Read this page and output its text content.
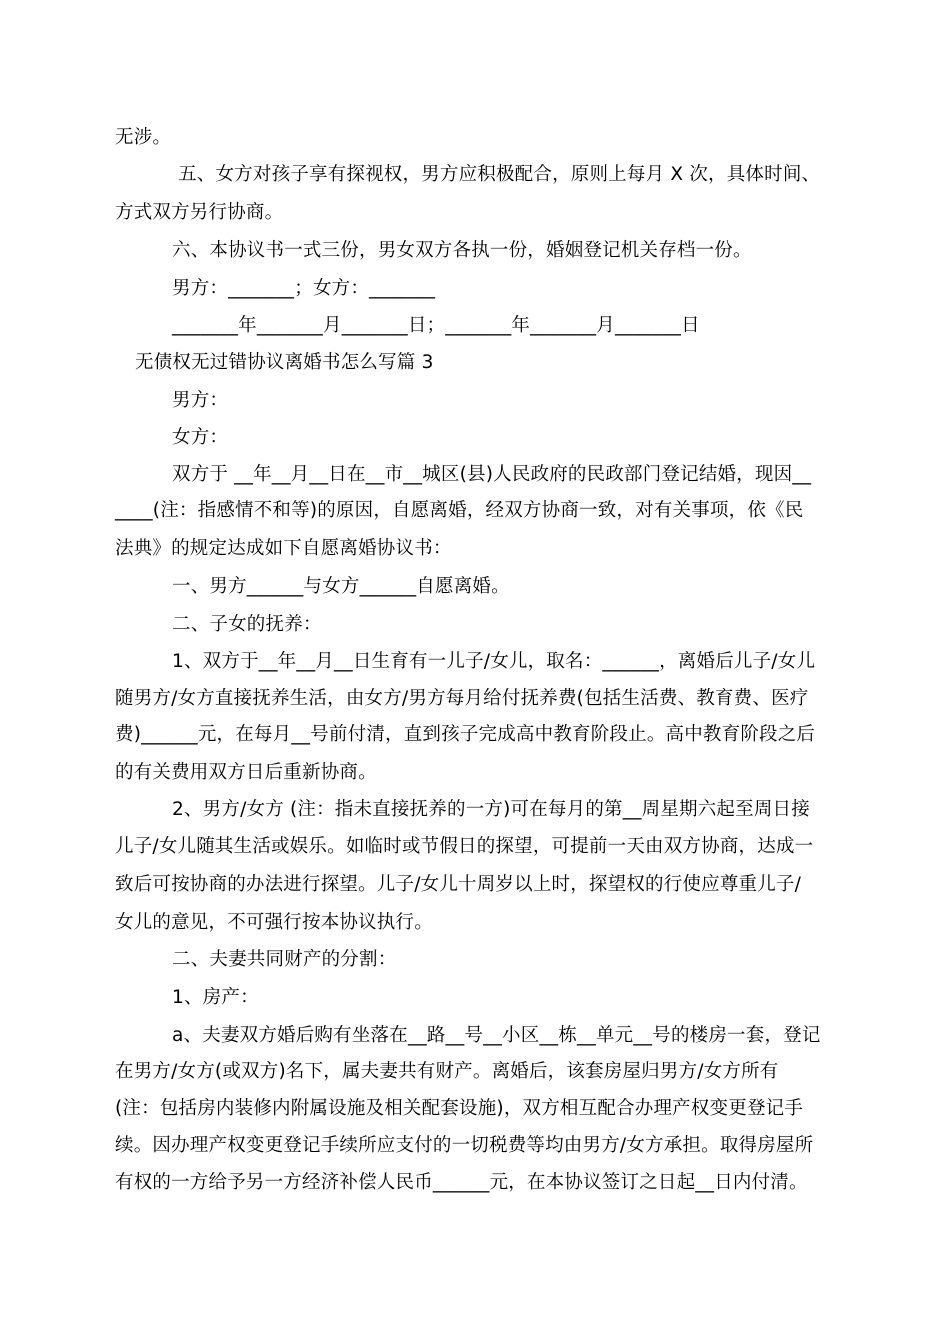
无涉。
五、女方对孩子享有探视权，男方应积极配合，原则上每月 X 次，具体时间、
方式双方另行协商。
六、本协议书一式三份，男女双方各执一份，婚姻登记机关存档一份。
男方：_______；女方：_______
_______年_______月_______日；_______年_______月_______日
无债权无过错协议离婚书怎么写篇 3
男方：
女方：
双方于 __年__月__日在__市__城区(县)人民政府的民政部门登记结婚，现因__
____(注：指感情不和等)的原因，自愿离婚，经双方协商一致，对有关事项，依《民
法典》的规定达成如下自愿离婚协议书：
一、男方______与女方______自愿离婚。
二、子女的抚养：
1、双方于__年__月__日生育有一儿子/女儿，取名：______，离婚后儿子/女儿
随男方/女方直接抚养生活，由女方/男方每月给付抚养费(包括生活费、教育费、医疗
费)______元，在每月__号前付清，直到孩子完成高中教育阶段止。高中教育阶段之后
的有关费用双方日后重新协商。
2、男方/女方 (注：指未直接抚养的一方)可在每月的第__周星期六起至周日接
儿子/女儿随其生活或娱乐。如临时或节假日的探望，可提前一天由双方协商，达成一
致后可按协商的办法进行探望。儿子/女儿十周岁以上时，探望权的行使应尊重儿子/
女儿的意见，不可强行按本协议执行。
二、夫妻共同财产的分割：
1、房产：
a、夫妻双方婚后购有坐落在__路__号__小区__栋__单元__号的楼房一套，登记
在男方/女方(或双方)名下，属夫妻共有财产。离婚后，该套房屋归男方/女方所有
(注：包括房内装修内附属设施及相关配套设施)，双方相互配合办理产权变更登记手
续。因办理产权变更登记手续所应支付的一切税费等均由男方/女方承担。取得房屋所
有权的一方给予另一方经济补偿人民币______元，在本协议签订之日起__日内付清。
